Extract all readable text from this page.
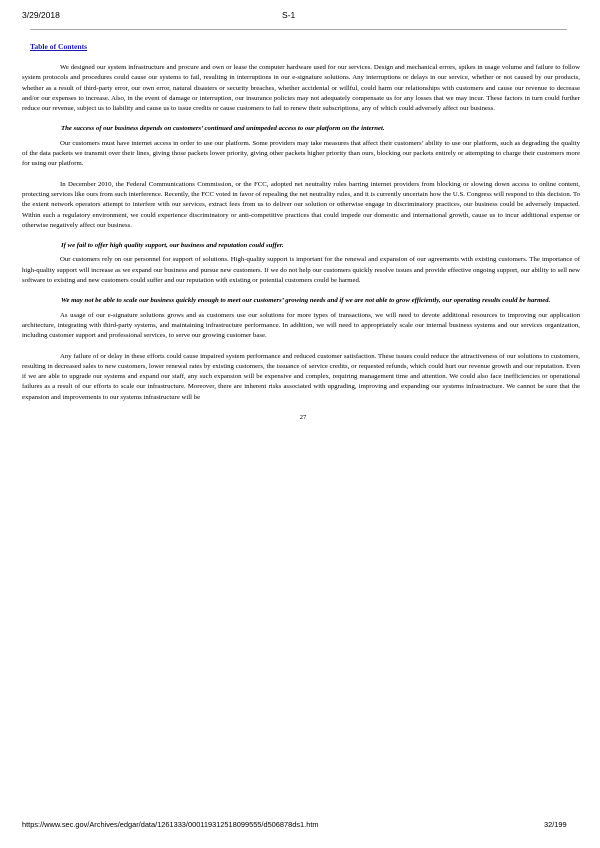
3/29/2018	S-1
Table of Contents

We designed our system infrastructure and procure and own or lease the computer hardware used for our services. Design and mechanical errors, spikes in usage volume and failure to follow system protocols and procedures could cause our systems to fail, resulting in interruptions in our e-signature solutions. Any interruptions or delays in our service, whether or not caused by our products, whether as a result of third-party error, our own error, natural disasters or security breaches, whether accidental or willful, could harm our relationships with customers and cause our revenue to decrease and/or our expenses to increase. Also, in the event of damage or interruption, our insurance policies may not adequately compensate us for any losses that we may incur. These factors in turn could further reduce our revenue, subject us to liability and cause us to issue credits or cause customers to fail to renew their subscriptions, any of which could adversely affect our business.

The success of our business depends on customers’ continued and unimpeded access to our platform on the internet.

Our customers must have internet access in order to use our platform. Some providers may take measures that affect their customers’ ability to use our platform, such as degrading the quality of the data packets we transmit over their lines, giving those packets lower priority, giving other packets higher priority than ours, blocking our packets entirely or attempting to charge their customers more for using our platform.

In December 2010, the Federal Communications Commission, or the FCC, adopted net neutrality rules barring internet providers from blocking or slowing down access to online content, protecting services like ours from such interference. Recently, the FCC voted in favor of repealing the net neutrality rules, and it is currently uncertain how the U.S. Congress will respond to this decision. To the extent network operators attempt to interfere with our services, extract fees from us to deliver our solution or otherwise engage in discriminatory practices, our business could be adversely impacted. Within such a regulatory environment, we could experience discriminatory or anti-competitive practices that could impede our domestic and international growth, cause us to incur additional expense or otherwise negatively affect our business.

If we fail to offer high quality support, our business and reputation could suffer.

Our customers rely on our personnel for support of solutions. High-quality support is important for the renewal and expansion of our agreements with existing customers. The importance of high-quality support will increase as we expand our business and pursue new customers. If we do not help our customers quickly resolve issues and provide effective ongoing support, our ability to sell new software to existing and new customers could suffer and our reputation with existing or potential customers could be harmed.

We may not be able to scale our business quickly enough to meet our customers’ growing needs and if we are not able to grow efficiently, our operating results could be harmed.

As usage of our e-signature solutions grows and as customers use our solutions for more types of transactions, we will need to devote additional resources to improving our application architecture, integrating with third-party systems, and maintaining infrastructure performance. In addition, we will need to appropriately scale our internal business systems and our services organization, including customer support and professional services, to serve our growing customer base.

Any failure of or delay in these efforts could cause impaired system performance and reduced customer satisfaction. These issues could reduce the attractiveness of our solutions to customers, resulting in decreased sales to new customers, lower renewal rates by existing customers, the issuance of service credits, or requested refunds, which could hurt our revenue growth and our reputation. Even if we are able to upgrade our systems and expand our staff, any such expansion will be expensive and complex, requiring management time and attention. We could also face inefficiencies or operational failures as a result of our efforts to scale our infrastructure. Moreover, there are inherent risks associated with upgrading, improving and expanding our systems infrastructure. We cannot be sure that the expansion and improvements to our systems infrastructure will be

27

https://www.sec.gov/Archives/edgar/data/1261333/000119312518099555/d506878ds1.htm	32/199
